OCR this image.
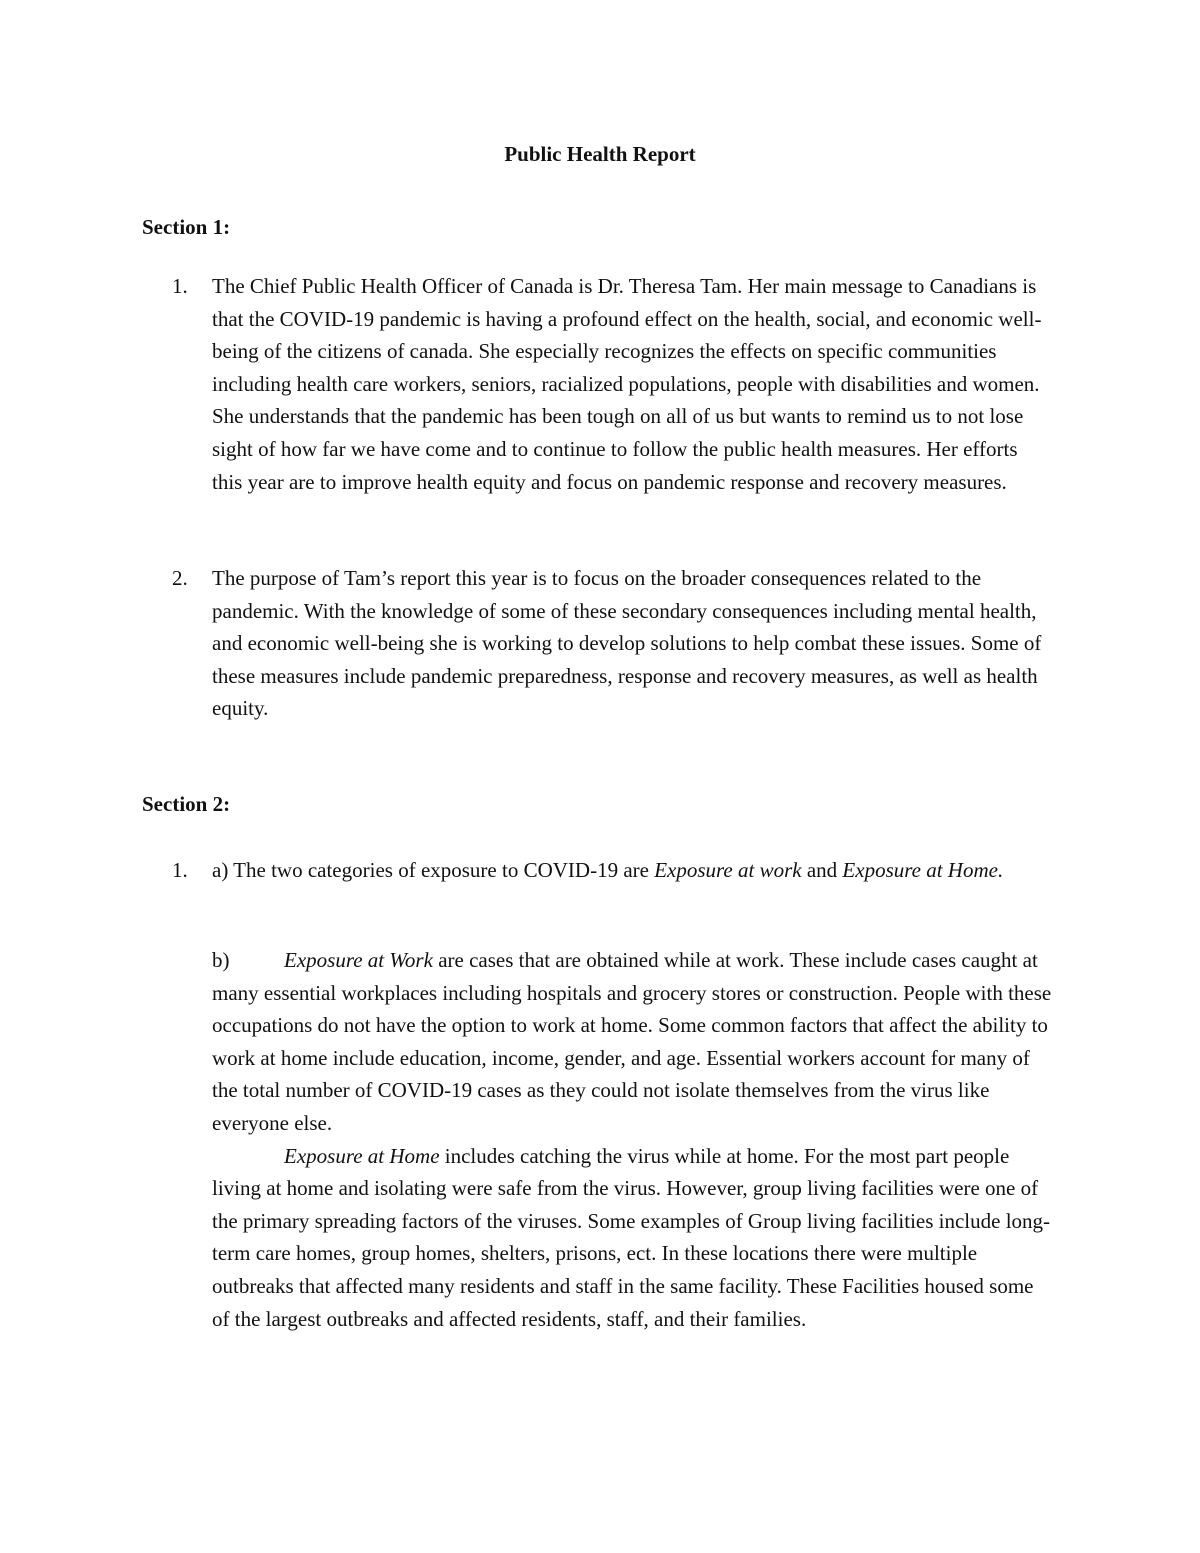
Public Health Report

Section 1:

1. The Chief Public Health Officer of Canada is Dr. Theresa Tam. Her main message to Canadians is that the COVID-19 pandemic is having a profound effect on the health, social, and economic well-being of the citizens of canada. She especially recognizes the effects on specific communities including health care workers, seniors, racialized populations, people with disabilities and women. She understands that the pandemic has been tough on all of us but wants to remind us to not lose sight of how far we have come and to continue to follow the public health measures. Her efforts this year are to improve health equity and focus on pandemic response and recovery measures.

2. The purpose of Tam’s report this year is to focus on the broader consequences related to the pandemic. With the knowledge of some of these secondary consequences including mental health, and economic well-being she is working to develop solutions to help combat these issues. Some of these measures include pandemic preparedness, response and recovery measures, as well as health equity.

Section 2:

1. a) The two categories of exposure to COVID-19 are Exposure at work and Exposure at Home.

b)	Exposure at Work are cases that are obtained while at work. These include cases caught at many essential workplaces including hospitals and grocery stores or construction. People with these occupations do not have the option to work at home. Some common factors that affect the ability to work at home include education, income, gender, and age. Essential workers account for many of the total number of COVID-19 cases as they could not isolate themselves from the virus like everyone else.

Exposure at Home includes catching the virus while at home. For the most part people living at home and isolating were safe from the virus. However, group living facilities were one of the primary spreading factors of the viruses. Some examples of Group living facilities include long-term care homes, group homes, shelters, prisons, ect. In these locations there were multiple outbreaks that affected many residents and staff in the same facility. These Facilities housed some of the largest outbreaks and affected residents, staff, and their families.
